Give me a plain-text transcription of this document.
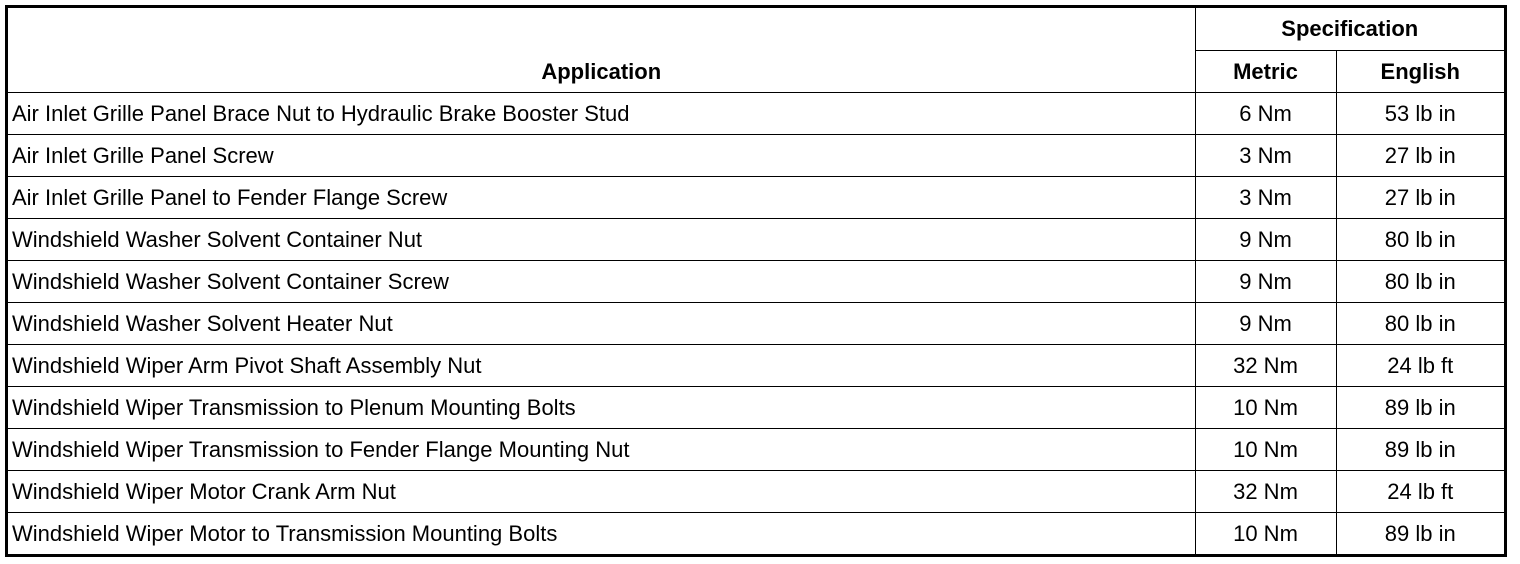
Application	Specification	
	Metric	English
Air Inlet Grille Panel Brace Nut to Hydraulic Brake Booster Stud	6 Nm	53 lb in
Air Inlet Grille Panel Screw	3 Nm	27 lb in
Air Inlet Grille Panel to Fender Flange Screw	3 Nm	27 lb in
Windshield Washer Solvent Container Nut	9 Nm	80 lb in
Windshield Washer Solvent Container Screw	9 Nm	80 lb in
Windshield Washer Solvent Heater Nut	9 Nm	80 lb in
Windshield Wiper Arm Pivot Shaft Assembly Nut	32 Nm	24 lb ft
Windshield Wiper Transmission to Plenum Mounting Bolts	10 Nm	89 lb in
Windshield Wiper Transmission to Fender Flange Mounting Nut	10 Nm	89 lb in
Windshield Wiper Motor Crank Arm Nut	32 Nm	24 lb ft
Windshield Wiper Motor to Transmission Mounting Bolts	10 Nm	89 lb in
